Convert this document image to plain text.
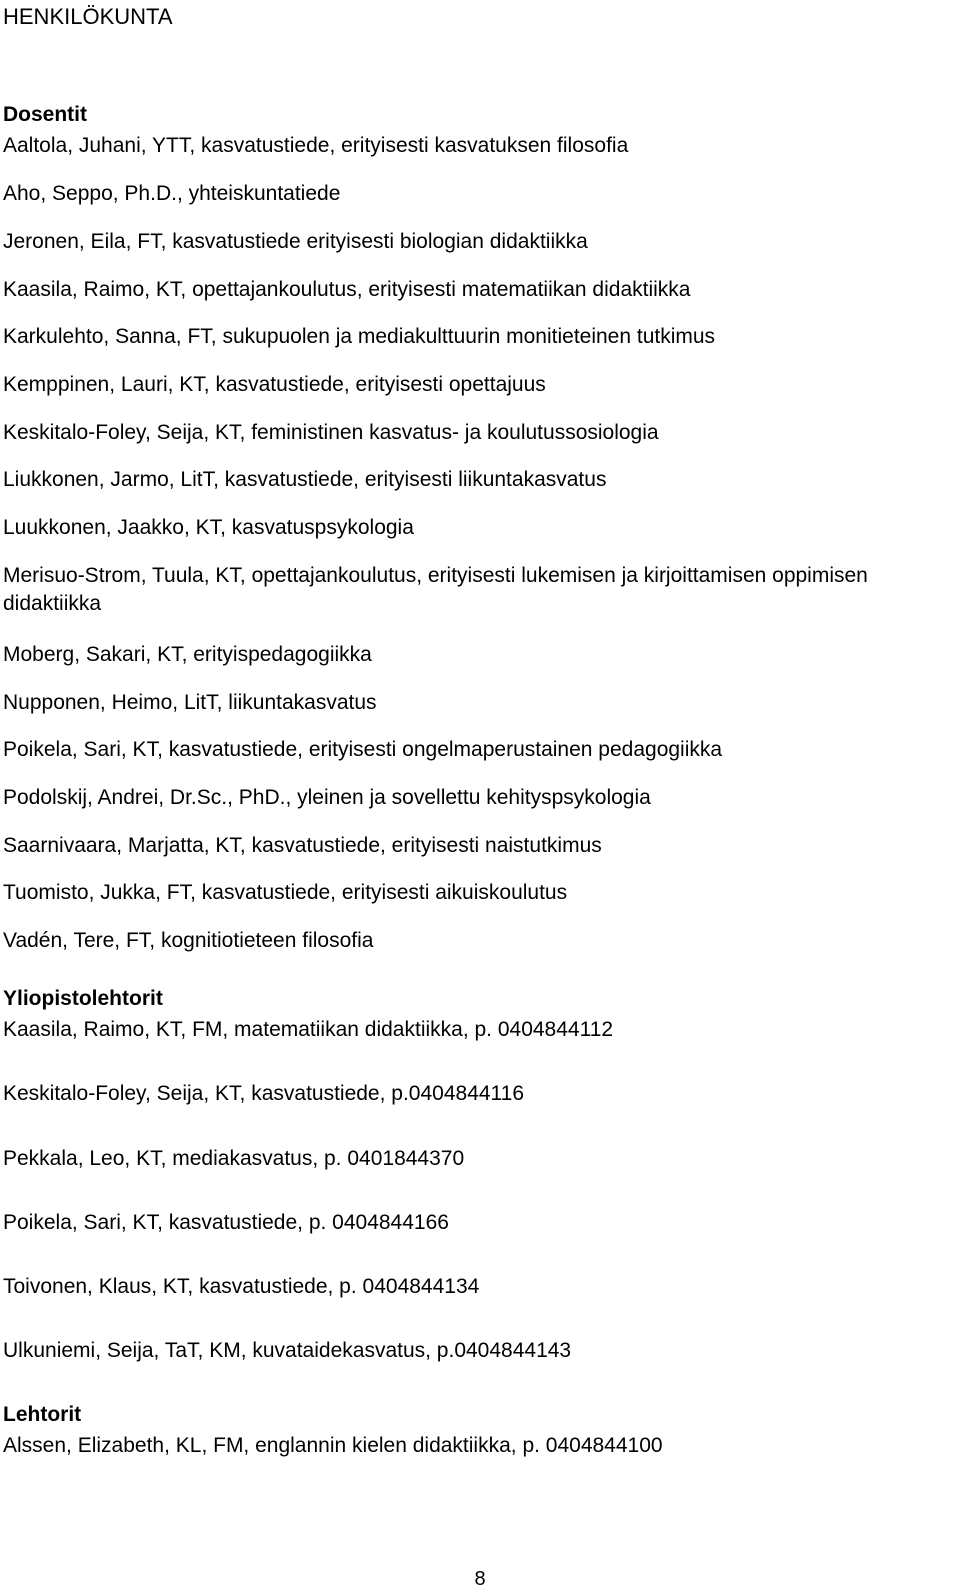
HENKILÖKUNTA
Dosentit

Aaltola, Juhani, YTT, kasvatustiede, erityisesti kasvatuksen filosofia

Aho, Seppo, Ph.D., yhteiskuntatiede

Jeronen, Eila, FT, kasvatustiede erityisesti biologian didaktiikka

Kaasila, Raimo, KT, opettajankoulutus, erityisesti matematiikan didaktiikka

Karkulehto, Sanna, FT, sukupuolen ja mediakulttuurin monitieteinen tutkimus

Kemppinen, Lauri, KT, kasvatustiede, erityisesti opettajuus

Keskitalo-Foley, Seija, KT, feministinen kasvatus- ja koulutussosiologia

Liukkonen, Jarmo, LitT, kasvatustiede, erityisesti liikuntakasvatus

Luukkonen, Jaakko, KT, kasvatuspsykologia

Merisuo-Strom, Tuula, KT, opettajankoulutus, erityisesti lukemisen ja kirjoittamisen oppimisen didaktiikka

Moberg, Sakari, KT, erityispedagogiikka

Nupponen, Heimo, LitT, liikuntakasvatus

Poikela, Sari, KT, kasvatustiede, erityisesti ongelmaperustainen pedagogiikka

Podolskij, Andrei, Dr.Sc., PhD., yleinen ja sovellettu kehityspsykologia

Saarnivaara, Marjatta, KT, kasvatustiede, erityisesti naistutkimus

Tuomisto, Jukka, FT, kasvatustiede, erityisesti aikuiskoulutus

Vadén, Tere, FT, kognitiotieteen filosofia

Yliopistolehtorit

Kaasila, Raimo, KT, FM, matematiikan didaktiikka, p. 0404844112

Keskitalo-Foley, Seija, KT, kasvatustiede, p.0404844116

Pekkala, Leo, KT, mediakasvatus, p. 0401844370

Poikela, Sari, KT, kasvatustiede, p. 0404844166

Toivonen, Klaus, KT, kasvatustiede, p. 0404844134

Ulkuniemi, Seija, TaT, KM, kuvataidekasvatus, p.0404844143

Lehtorit

Alssen, Elizabeth, KL, FM, englannin kielen didaktiikka, p. 0404844100

8
